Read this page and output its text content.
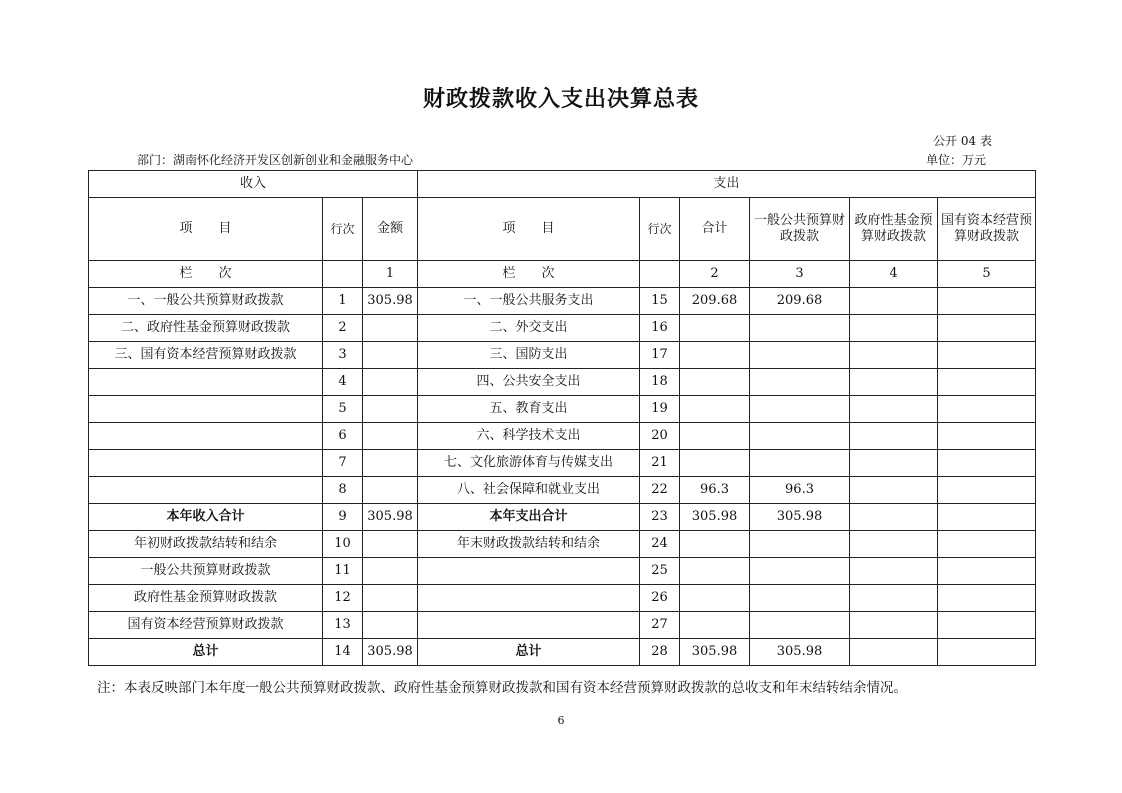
财政拨款收入支出决算总表
公开 04 表
部门：湖南怀化经济开发区创新创业和金融服务中心	单位：万元
收入			支出					
项　　目	行次	金额	项　　目	行次	合计	一般公共预算财政拨款	政府性基金预算财政拨款	国有资本经营预算财政拨款
栏　　次		1	栏　　次		2	3	4	5
一、一般公共预算财政拨款	1	305.98	一、一般公共服务支出	15	209.68	209.68		
二、政府性基金预算财政拨款	2		二、外交支出	16				
三、国有资本经营预算财政拨款	3		三、国防支出	17				
	4		四、公共安全支出	18				
	5		五、教育支出	19				
	6		六、科学技术支出	20				
	7		七、文化旅游体育与传媒支出	21				
	8		八、社会保障和就业支出	22	96.3	96.3		
本年收入合计	9	305.98	本年支出合计	23	305.98	305.98		
年初财政拨款结转和结余	10		年末财政拨款结转和结余	24				
一般公共预算财政拨款	11			25				
政府性基金预算财政拨款	12			26				
国有资本经营预算财政拨款	13			27				
总计	14	305.98	总计	28	305.98	305.98		
注：本表反映部门本年度一般公共预算财政拨款、政府性基金预算财政拨款和国有资本经营预算财政拨款的总收支和年末结转结余情况。
6
